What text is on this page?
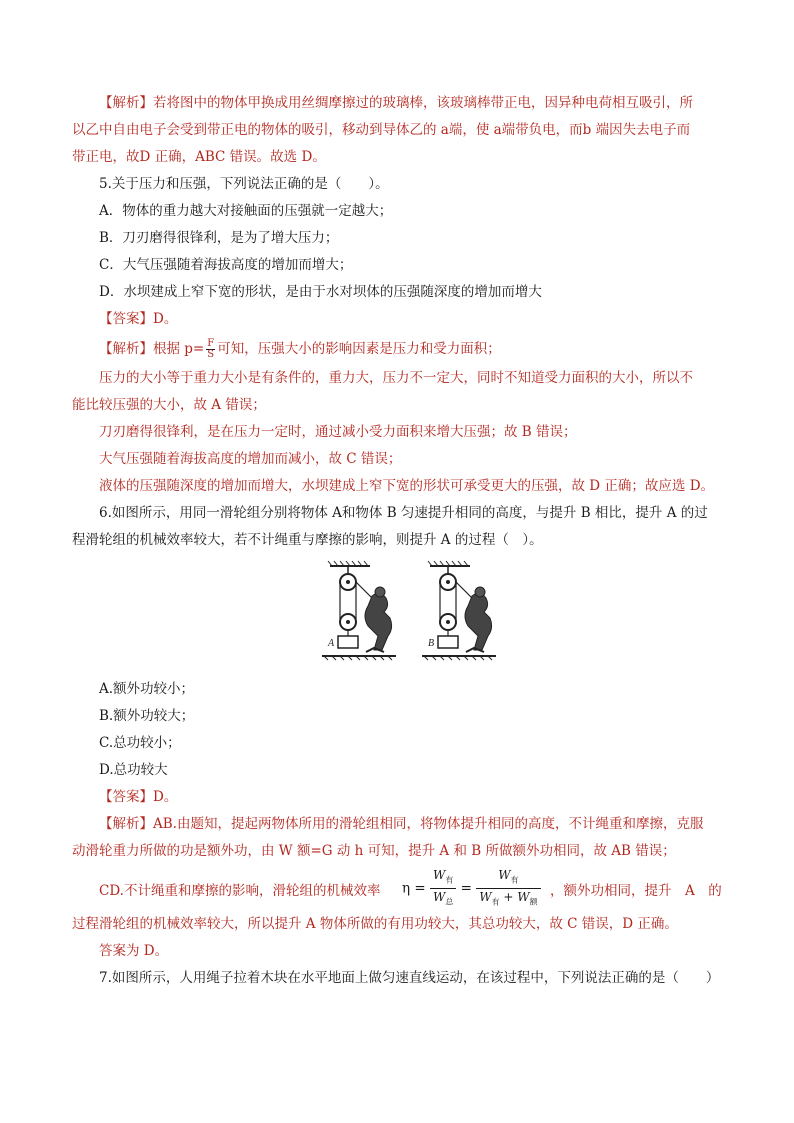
【解析】若将图中的物体甲换成用丝绸摩擦过的玻璃棒，该玻璃棒带正电，因异种电荷相互吸引，所
以乙中自由电子会受到带正电的物体的吸引，移动到导体乙的 a端，使 a端带负电，而b 端因失去电子而
带正电，故D 正确，ABC 错误。故选 D。
5.关于压力和压强，下列说法正确的是（　　）。
A．物体的重力越大对接触面的压强就一定越大；
B．刀刃磨得很锋利，是为了增大压力；
C．大气压强随着海拔高度的增加而增大；
D．水坝建成上窄下宽的形状，是由于水对坝体的压强随深度的增加而增大
【答案】D。
【解析】根据 $p= \frac{F}{S}$ 可知，压强大小的影响因素是压力和受力面积；
压力的大小等于重力大小是有条件的，重力大，压力不一定大，同时不知道受力面积的大小，所以不
能比较压强的大小，故 A 错误；
刀刃磨得很锋利，是在压力一定时，通过减小受力面积来增大压强；故 B 错误；
大气压强随着海拔高度的增加而减小，故 C 错误；
液体的压强随深度的增加而增大，水坝建成上窄下宽的形状可承受更大的压强，故 D 正确；故应选 D。
6.如图所示，用同一滑轮组分别将物体 A和物体 B 匀速提升相同的高度，与提升 B 相比，提升 A 的过
程滑轮组的机械效率较大，若不计绳重与摩擦的影响，则提升 A 的过程（　）。
A	B
A.额外功较小；
B.额外功较大；
C.总功较小；
D.总功较大
【答案】D。
【解析】AB.由题知，提起两物体所用的滑轮组相同，将物体提升相同的高度，不计绳重和摩擦，克服
动滑轮重力所做的功是额外功，由 W 额=G 动 h 可知，提升 A 和 B 所做额外功相同，故 AB 错误；
CD.不计绳重和摩擦的影响，滑轮组的机械效率 $\eta = \frac{W_有}{W_总} = \frac{W_有}{W_有 + W_额}$ ，额外功相同，提升　A　的
过程滑轮组的机械效率较大，所以提升 A 物体所做的有用功较大，其总功较大，故 C 错误，D 正确。
答案为 D。
7.如图所示，人用绳子拉着木块在水平地面上做匀速直线运动，在该过程中，下列说法正确的是（　　）
